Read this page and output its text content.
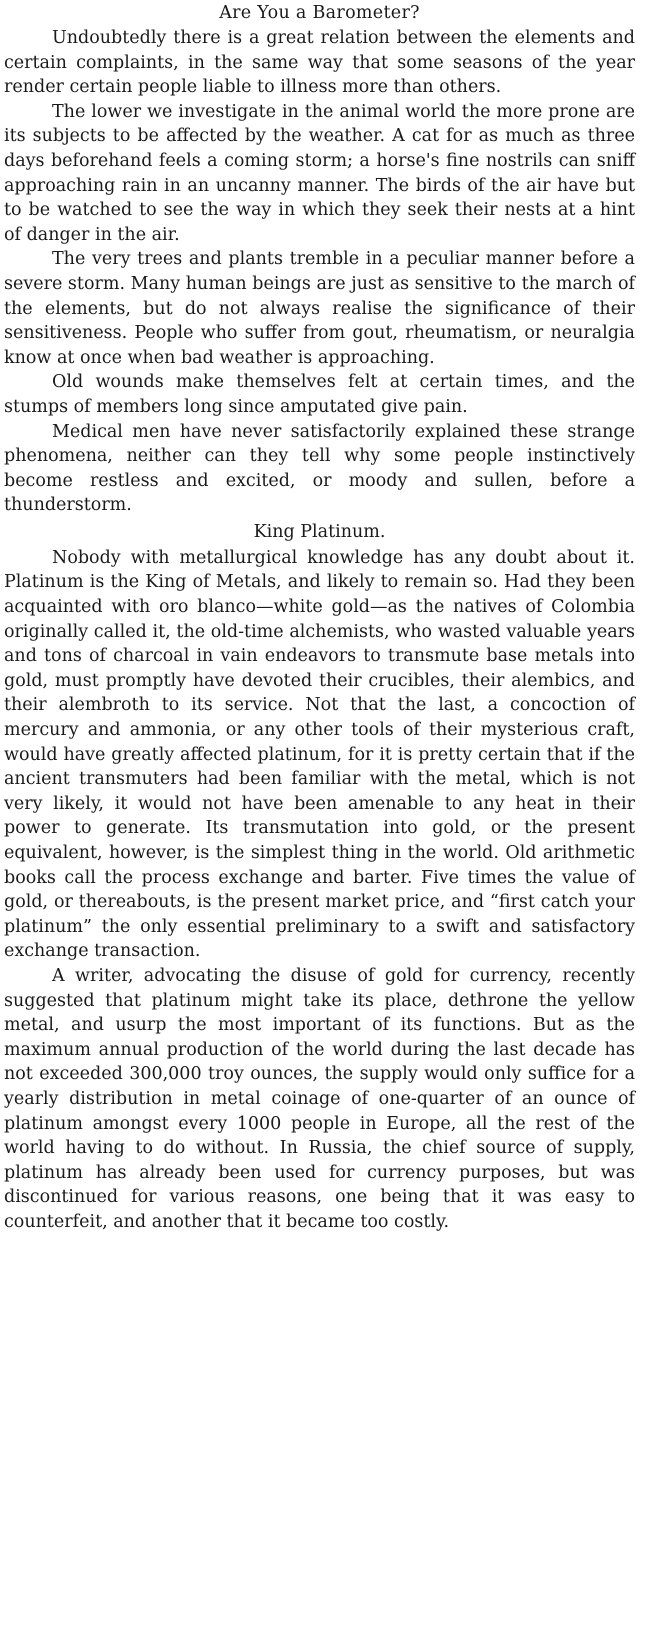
Are You a Barometer?

Undoubtedly there is a great relation between the elements and certain complaints, in the same way that some seasons of the year render certain people liable to illness more than others.

The lower we investigate in the animal world the more prone are its subjects to be affected by the weather. A cat for as much as three days beforehand feels a coming storm; a horse's fine nostrils can sniff approaching rain in an uncanny manner. The birds of the air have but to be watched to see the way in which they seek their nests at a hint of danger in the air.

The very trees and plants tremble in a peculiar manner before a severe storm. Many human beings are just as sensitive to the march of the elements, but do not always realise the significance of their sensitiveness. People who suffer from gout, rheumatism, or neuralgia know at once when bad weather is approaching.

Old wounds make themselves felt at certain times, and the stumps of members long since amputated give pain.

Medical men have never satisfactorily explained these strange phenomena, neither can they tell why some people instinctively become restless and excited, or moody and sullen, before a thunderstorm.

King Platinum.

Nobody with metallurgical knowledge has any doubt about it. Platinum is the King of Metals, and likely to remain so. Had they been acquainted with oro blanco—white gold—as the natives of Colombia originally called it, the old-time alchemists, who wasted valuable years and tons of charcoal in vain endeavors to transmute base metals into gold, must promptly have devoted their crucibles, their alembics, and their alembroth to its service. Not that the last, a concoction of mercury and ammonia, or any other tools of their mysterious craft, would have greatly affected platinum, for it is pretty certain that if the ancient transmuters had been familiar with the metal, which is not very likely, it would not have been amenable to any heat in their power to generate. Its transmutation into gold, or the present equivalent, however, is the simplest thing in the world. Old arithmetic books call the process exchange and barter. Five times the value of gold, or thereabouts, is the present market price, and “first catch your platinum” the only essential preliminary to a swift and satisfactory exchange transaction.

A writer, advocating the disuse of gold for currency, recently suggested that platinum might take its place, dethrone the yellow metal, and usurp the most important of its functions. But as the maximum annual production of the world during the last decade has not exceeded 300,000 troy ounces, the supply would only suffice for a yearly distribution in metal coinage of one-quarter of an ounce of platinum amongst every 1000 people in Europe, all the rest of the world having to do without. In Russia, the chief source of supply, platinum has already been used for currency purposes, but was discontinued for various reasons, one being that it was easy to counterfeit, and another that it became too costly.
